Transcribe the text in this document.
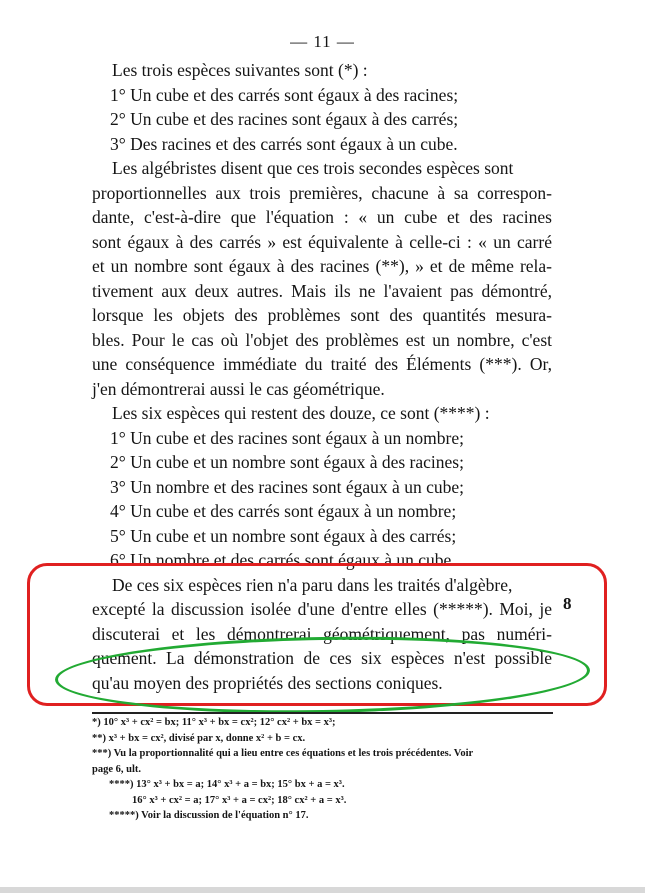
— 11 —
Les trois espèces suivantes sont (*) :
1° Un cube et des carrés sont égaux à des racines;
2° Un cube et des racines sont égaux à des carrés;
3° Des racines et des carrés sont égaux à un cube.
Les algébristes disent que ces trois secondes espèces sont
proportionnelles aux trois premières, chacune à sa correspon-
dante, c'est-à-dire que l'équation : « un cube et des racines
sont égaux à des carrés » est équivalente à celle-ci : « un carré
et un nombre sont égaux à des racines (**), » et de même rela-
tivement aux deux autres. Mais ils ne l'avaient pas démontré,
lorsque les objets des problèmes sont des quantités mesura-
bles. Pour le cas où l'objet des problèmes est un nombre, c'est
une conséquence immédiate du traité des Éléments (***). Or,
j'en démontrerai aussi le cas géométrique.
Les six espèces qui restent des douze, ce sont (****) :
1° Un cube et des racines sont égaux à un nombre;
2° Un cube et un nombre sont égaux à des racines;
3° Un nombre et des racines sont égaux à un cube;
4° Un cube et des carrés sont égaux à un nombre;
5° Un cube et un nombre sont égaux à des carrés;
6° Un nombre et des carrés sont égaux à un cube.
De ces six espèces rien n'a paru dans les traités d'algèbre,
excepté la discussion isolée d'une d'entre elles (*****). Moi, je
discuterai et les démontrerai géométriquement, pas numéri-
quement. La démonstration de ces six espèces n'est possible
qu'au moyen des propriétés des sections coniques.
8
*) 10° x³ + cx² = bx; 11° x³ + bx = cx²; 12° cx² + bx = x³;
**) x³ + bx = cx², divisé par x, donne x² + b = cx.
***) Vu la proportionnalité qui a lieu entre ces équations et les trois précédentes. Voir
page 6, ult.
****) 13° x³ + bx = a; 14° x³ + a = bx; 15° bx + a = x³.
16° x³ + cx² = a; 17° x³ + a = cx²; 18° cx² + a = x³.
*****) Voir la discussion de l'équation n° 17.
